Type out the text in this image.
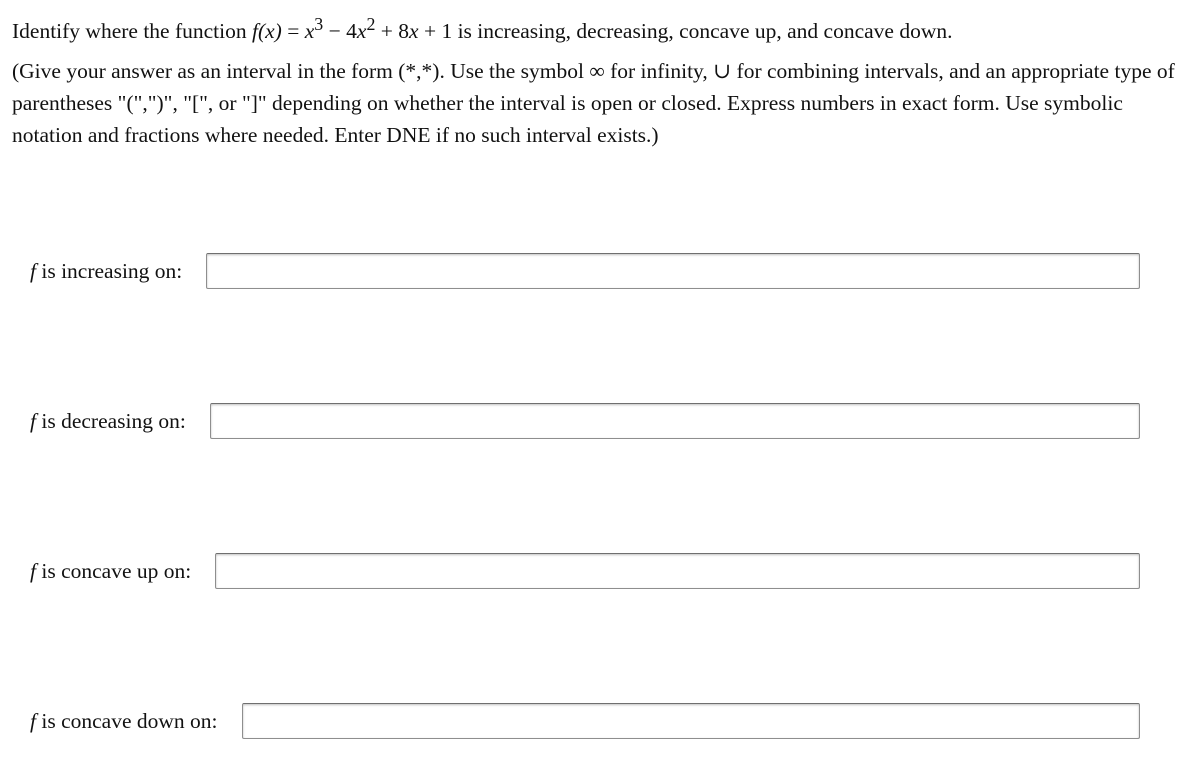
Identify where the function $f(x) = x^3 - 4x^2 + 8x + 1$ is increasing, decreasing, concave up, and concave down.

(Give your answer as an interval in the form (*,*). Use the symbol ∞ for infinity, ∪ for combining intervals, and an appropriate type of parentheses "(",")", "[", or "]" depending on whether the interval is open or closed. Express numbers in exact form. Use symbolic notation and fractions where needed. Enter DNE if no such interval exists.)

f is increasing on:
f is decreasing on:
f is concave up on:
f is concave down on:
